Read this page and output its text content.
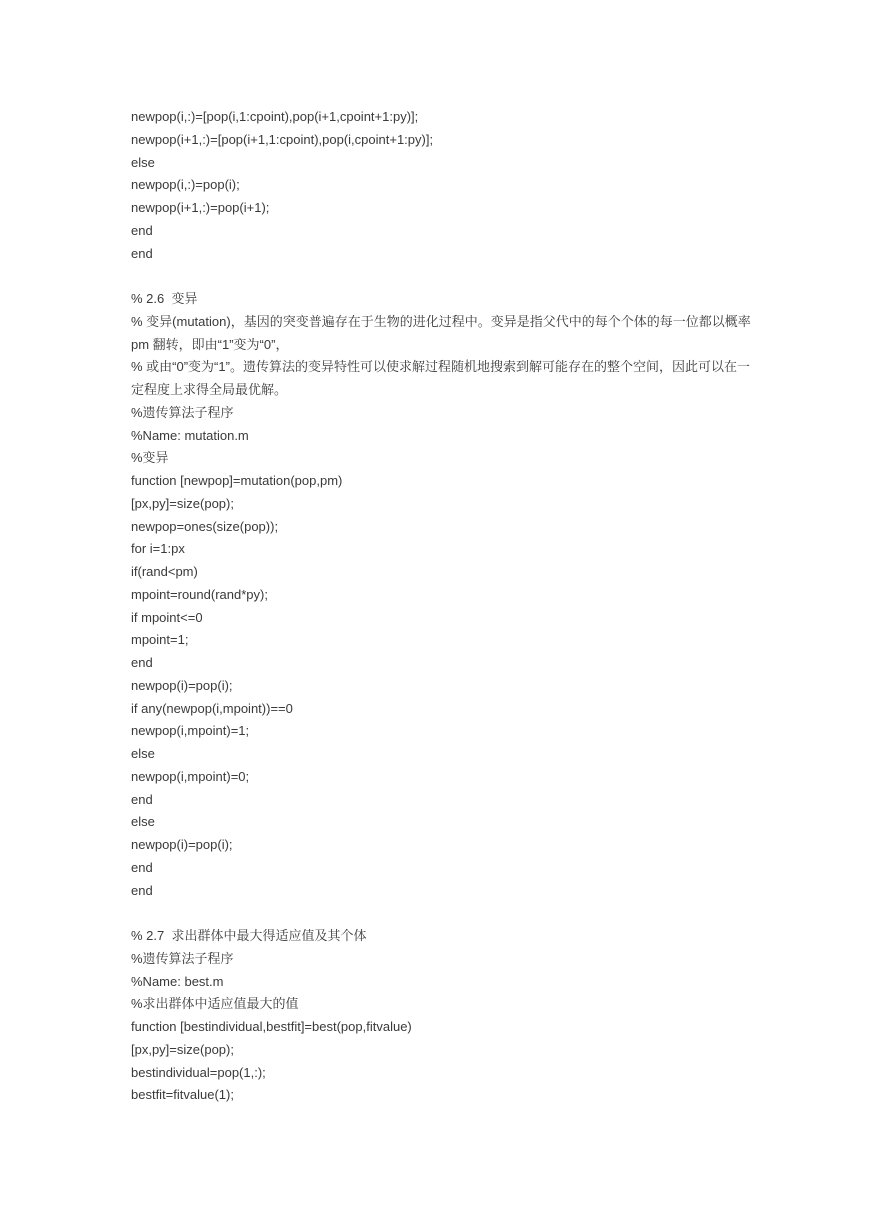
newpop(i,:)=[pop(i,1:cpoint),pop(i+1,cpoint+1:py)];

newpop(i+1,:)=[pop(i+1,1:cpoint),pop(i,cpoint+1:py)];

else

newpop(i,:)=pop(i);

newpop(i+1,:)=pop(i+1);

end

end

% 2.6  变异

% 变异(mutation)，基因的突变普遍存在于生物的进化过程中。变异是指父代中的每个个体的每一位都以概率 pm 翻转，即由“1”变为“0”，

% 或由“0”变为“1”。遗传算法的变异特性可以使求解过程随机地搜索到解可能存在的整个空间，因此可以在一定程度上求得全局最优解。

%遗传算法子程序

%Name: mutation.m

%变异

function [newpop]=mutation(pop,pm)

[px,py]=size(pop);

newpop=ones(size(pop));

for i=1:px

if(rand<pm)

mpoint=round(rand*py);

if mpoint<=0

mpoint=1;

end

newpop(i)=pop(i);

if any(newpop(i,mpoint))==0

newpop(i,mpoint)=1;

else

newpop(i,mpoint)=0;

end

else

newpop(i)=pop(i);

end

end

% 2.7  求出群体中最大得适应值及其个体

%遗传算法子程序

%Name: best.m

%求出群体中适应值最大的值

function [bestindividual,bestfit]=best(pop,fitvalue)

[px,py]=size(pop);

bestindividual=pop(1,:);

bestfit=fitvalue(1);
